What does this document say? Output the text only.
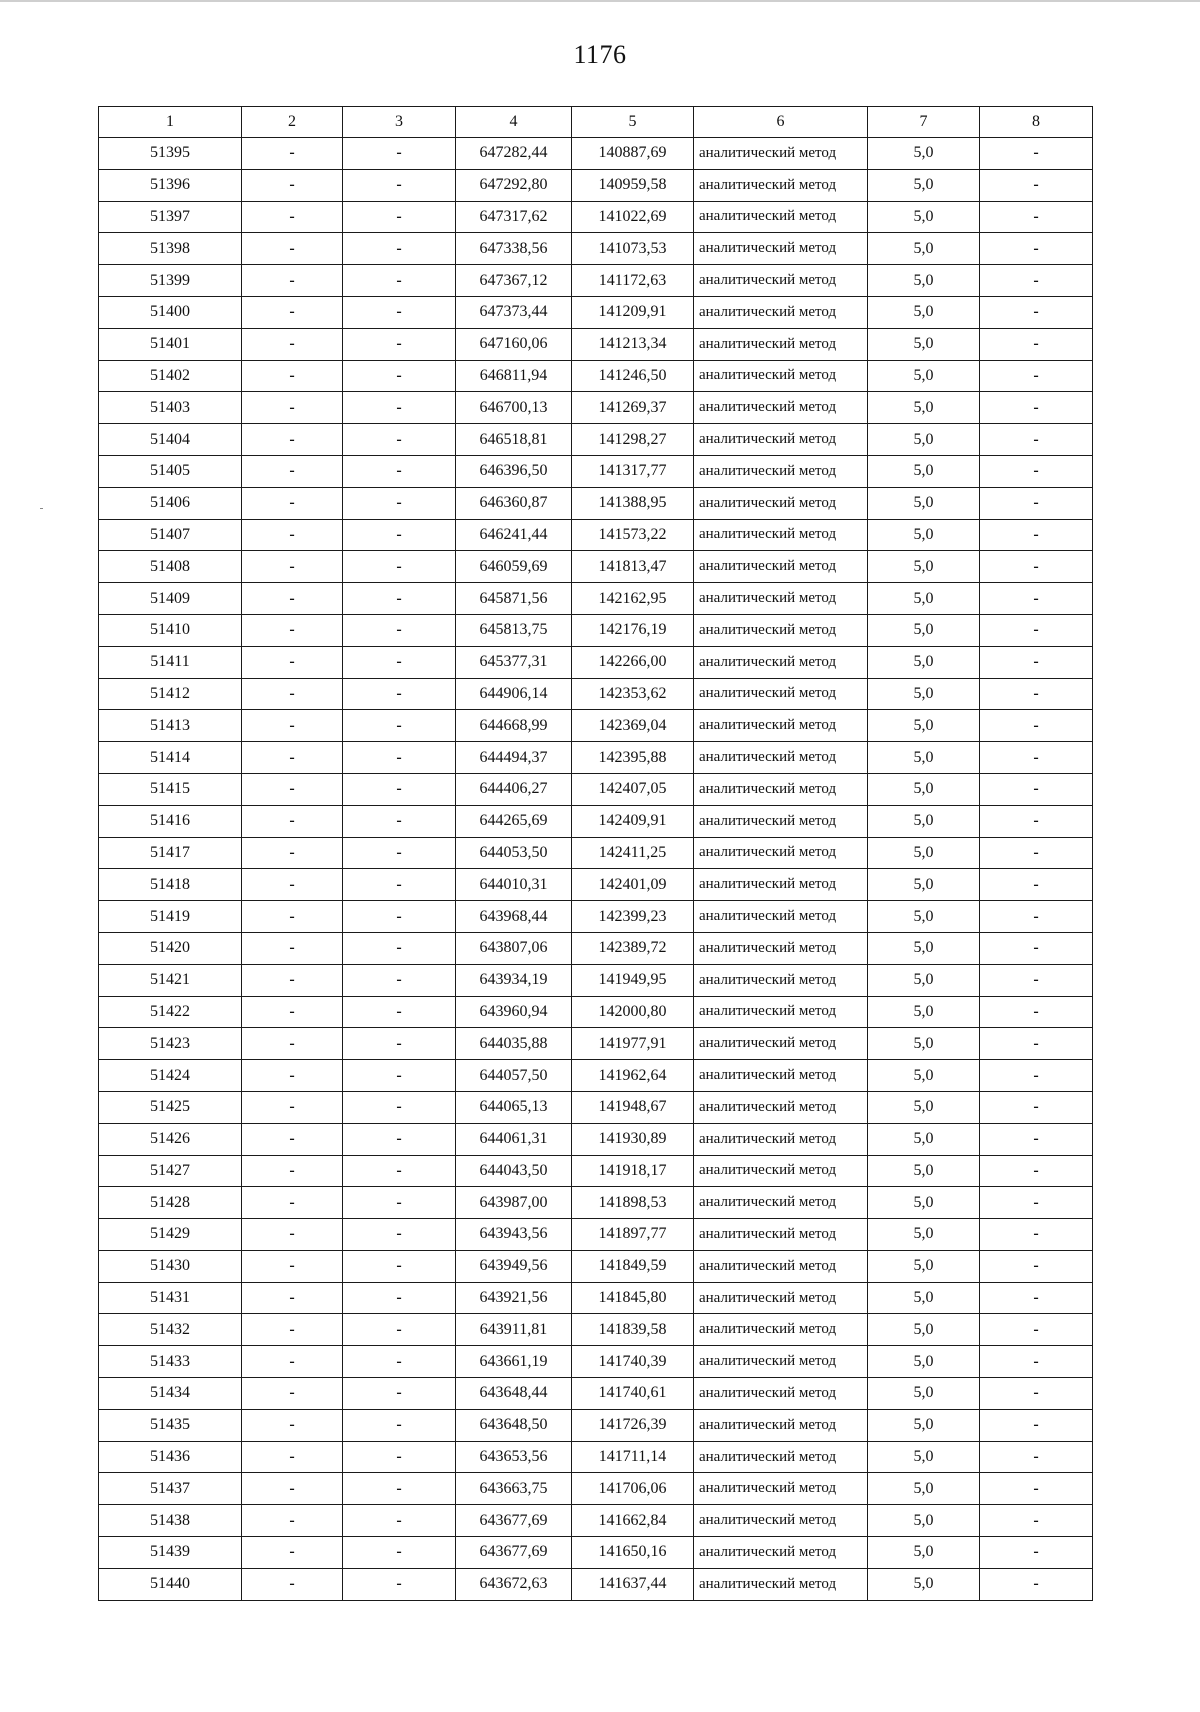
1176
1	2	3	4	5	6	7	8
51395	-	-	647282,44	140887,69	аналитический метод	5,0	-
51396	-	-	647292,80	140959,58	аналитический метод	5,0	-
51397	-	-	647317,62	141022,69	аналитический метод	5,0	-
51398	-	-	647338,56	141073,53	аналитический метод	5,0	-
51399	-	-	647367,12	141172,63	аналитический метод	5,0	-
51400	-	-	647373,44	141209,91	аналитический метод	5,0	-
51401	-	-	647160,06	141213,34	аналитический метод	5,0	-
51402	-	-	646811,94	141246,50	аналитический метод	5,0	-
51403	-	-	646700,13	141269,37	аналитический метод	5,0	-
51404	-	-	646518,81	141298,27	аналитический метод	5,0	-
51405	-	-	646396,50	141317,77	аналитический метод	5,0	-
51406	-	-	646360,87	141388,95	аналитический метод	5,0	-
51407	-	-	646241,44	141573,22	аналитический метод	5,0	-
51408	-	-	646059,69	141813,47	аналитический метод	5,0	-
51409	-	-	645871,56	142162,95	аналитический метод	5,0	-
51410	-	-	645813,75	142176,19	аналитический метод	5,0	-
51411	-	-	645377,31	142266,00	аналитический метод	5,0	-
51412	-	-	644906,14	142353,62	аналитический метод	5,0	-
51413	-	-	644668,99	142369,04	аналитический метод	5,0	-
51414	-	-	644494,37	142395,88	аналитический метод	5,0	-
51415	-	-	644406,27	142407,05	аналитический метод	5,0	-
51416	-	-	644265,69	142409,91	аналитический метод	5,0	-
51417	-	-	644053,50	142411,25	аналитический метод	5,0	-
51418	-	-	644010,31	142401,09	аналитический метод	5,0	-
51419	-	-	643968,44	142399,23	аналитический метод	5,0	-
51420	-	-	643807,06	142389,72	аналитический метод	5,0	-
51421	-	-	643934,19	141949,95	аналитический метод	5,0	-
51422	-	-	643960,94	142000,80	аналитический метод	5,0	-
51423	-	-	644035,88	141977,91	аналитический метод	5,0	-
51424	-	-	644057,50	141962,64	аналитический метод	5,0	-
51425	-	-	644065,13	141948,67	аналитический метод	5,0	-
51426	-	-	644061,31	141930,89	аналитический метод	5,0	-
51427	-	-	644043,50	141918,17	аналитический метод	5,0	-
51428	-	-	643987,00	141898,53	аналитический метод	5,0	-
51429	-	-	643943,56	141897,77	аналитический метод	5,0	-
51430	-	-	643949,56	141849,59	аналитический метод	5,0	-
51431	-	-	643921,56	141845,80	аналитический метод	5,0	-
51432	-	-	643911,81	141839,58	аналитический метод	5,0	-
51433	-	-	643661,19	141740,39	аналитический метод	5,0	-
51434	-	-	643648,44	141740,61	аналитический метод	5,0	-
51435	-	-	643648,50	141726,39	аналитический метод	5,0	-
51436	-	-	643653,56	141711,14	аналитический метод	5,0	-
51437	-	-	643663,75	141706,06	аналитический метод	5,0	-
51438	-	-	643677,69	141662,84	аналитический метод	5,0	-
51439	-	-	643677,69	141650,16	аналитический метод	5,0	-
51440	-	-	643672,63	141637,44	аналитический метод	5,0	-
